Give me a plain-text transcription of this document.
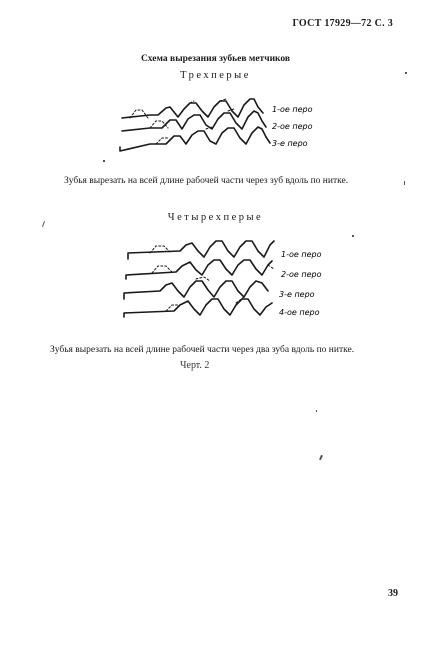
ГОСТ 17929—72 С. 3
Схема вырезания зубьев метчиков
Трехперые
1-ое перо
2-ое перо
3-е перо
Зубья вырезать на всей длине рабочей части через зуб вдоль по нитке.
Четырехперые
1-ое перо
2-ое перо
3-е перо
4-ое перо
Зубья вырезать на всей длине рабочей части через два зуба вдоль по нитке.
Черт. 2
39
